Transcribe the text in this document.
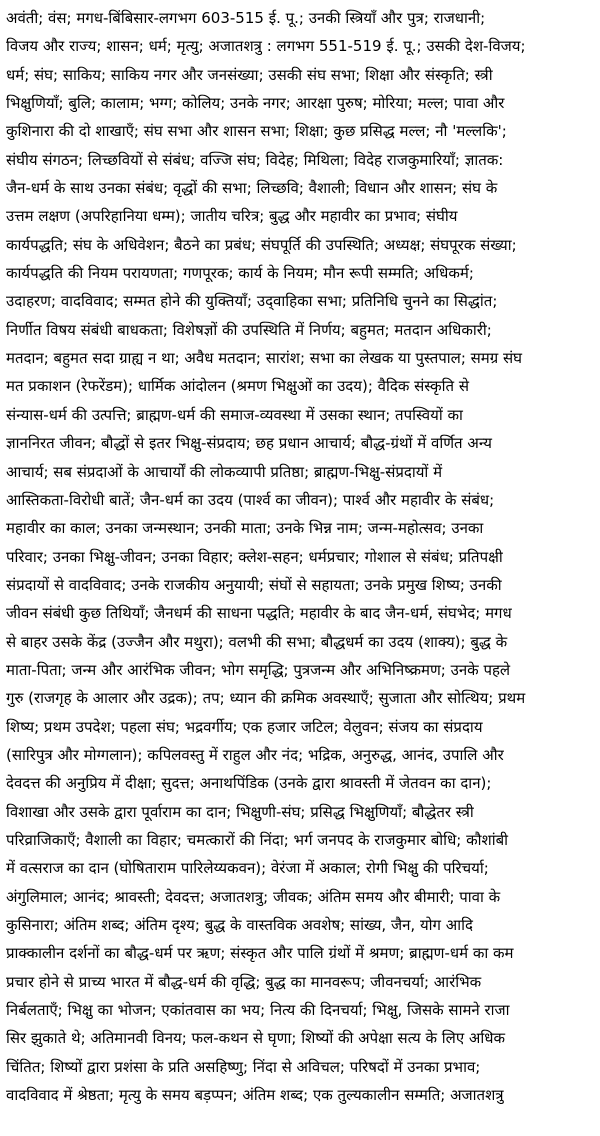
अवंती; वंस; मगध-बिंबिसार-लगभग 603-515 ई. पू.; उनकी स्त्रियाँ और पुत्र; राजधानी;
विजय और राज्य; शासन; धर्म; मृत्यु; अजातशत्रु : लगभग 551-519 ई. पू.; उसकी देश-विजय;
धर्म; संघ; साकिय; साकिय नगर और जनसंख्या; उसकी संघ सभा; शिक्षा और संस्कृति; स्त्री
भिक्षुणियाँ; बुलि; कालाम; भग्ग; कोलिय; उनके नगर; आरक्षा पुरुष; मोरिया; मल्ल; पावा और
कुशिनारा की दो शाखाएँ; संघ सभा और शासन सभा; शिक्षा; कुछ प्रसिद्ध मल्ल; नौ 'मल्लकि';
संघीय संगठन; लिच्छवियों से संबंध; वज्जि संघ; विदेह; मिथिला; विदेह राजकुमारियाँ; ज्ञातक:
जैन-धर्म के साथ उनका संबंध; वृद्धों की सभा; लिच्छवि; वैशाली; विधान और शासन; संघ के
उत्तम लक्षण (अपरिहानिया धम्म); जातीय चरित्र; बुद्ध और महावीर का प्रभाव; संघीय
कार्यपद्धति; संघ के अधिवेशन; बैठने का प्रबंध; संघपूर्ति की उपस्थिति; अध्यक्ष; संघपूरक संख्या;
कार्यपद्धति की नियम परायणता; गणपूरक; कार्य के नियम; मौन रूपी सम्मति; अधिकर्म;
उदाहरण; वादविवाद; सम्मत होने की युक्तियाँ; उद्‌वाहिका सभा; प्रतिनिधि चुनने का सिद्धांत;
निर्णीत विषय संबंधी बाधकता; विशेषज्ञों की उपस्थिति में निर्णय; बहुमत; मतदान अधिकारी;
मतदान; बहुमत सदा ग्राह्य न था; अवैध मतदान; सारांश; सभा का लेखक या पुस्तपाल; समग्र संघ
मत प्रकाशन (रेफरेंडम); धार्मिक आंदोलन (श्रमण भिक्षुओं का उदय); वैदिक संस्कृति से
संन्यास-धर्म की उत्पत्ति; ब्राह्मण-धर्म की समाज-व्यवस्था में उसका स्थान; तपस्वियों का
ज्ञाननिरत जीवन; बौद्धों से इतर भिक्षु-संप्रदाय; छह प्रधान आचार्य; बौद्ध-ग्रंथों में वर्णित अन्य
आचार्य; सब संप्रदाओं के आचार्यों की लोकव्यापी प्रतिष्ठा; ब्राह्मण-भिक्षु-संप्रदायों में
आस्तिकता-विरोधी बातें; जैन-धर्म का उदय (पार्श्व का जीवन); पार्श्व और महावीर के संबंध;
महावीर का काल; उनका जन्मस्थान; उनकी माता; उनके भिन्न नाम; जन्म-महोत्सव; उनका
परिवार; उनका भिक्षु-जीवन; उनका विहार; क्लेश-सहन; धर्मप्रचार; गोशाल से संबंध; प्रतिपक्षी
संप्रदायों से वादविवाद; उनके राजकीय अनुयायी; संघों से सहायता; उनके प्रमुख शिष्य; उनकी
जीवन संबंधी कुछ तिथियाँ; जैनधर्म की साधना पद्धति; महावीर के बाद जैन-धर्म, संघभेद; मगध
से बाहर उसके केंद्र (उज्जैन और मथुरा); वलभी की सभा; बौद्धधर्म का उदय (शाक्य); बुद्ध के
माता-पिता; जन्म और आरंभिक जीवन; भोग समृद्धि; पुत्रजन्म और अभिनिष्क्रमण; उनके पहले
गुरु (राजगृह के आलार और उद्रक); तप; ध्यान की क्रमिक अवस्थाएँ; सुजाता और सोत्थिय; प्रथम
शिष्य; प्रथम उपदेश; पहला संघ; भद्रवर्गीय; एक हजार जटिल; वेलुवन; संजय का संप्रदाय
(सारिपुत्र और मोग्गलान); कपिलवस्तु में राहुल और नंद; भद्रिक, अनुरुद्ध, आनंद, उपालि और
देवदत्त की अनुप्रिय में दीक्षा; सुदत्त; अनाथपिंडिक (उनके द्वारा श्रावस्ती में जेतवन का दान);
विशाखा और उसके द्वारा पूर्वाराम का दान; भिक्षुणी-संघ; प्रसिद्ध भिक्षुणियाँ; बौद्धेतर स्त्री
परिव्राजिकाएँ; वैशाली का विहार; चमत्कारों की निंदा; भर्ग जनपद के राजकुमार बोधि; कौशांबी
में वत्सराज का दान (घोषिताराम पारिलेय्यकवन); वेरंजा में अकाल; रोगी भिक्षु की परिचर्या;
अंगुलिमाल; आनंद; श्रावस्ती; देवदत्त; अजातशत्रु; जीवक; अंतिम समय और बीमारी; पावा के
कुसिनारा; अंतिम शब्द; अंतिम दृश्य; बुद्ध के वास्तविक अवशेष; सांख्य, जैन, योग आदि
प्राक्कालीन दर्शनों का बौद्ध-धर्म पर ऋण; संस्कृत और पालि ग्रंथों में श्रमण; ब्राह्मण-धर्म का कम
प्रचार होने से प्राच्य भारत में बौद्ध-धर्म की वृद्धि; बुद्ध का मानवरूप; जीवनचर्या; आरंभिक
निर्बलताएँ; भिक्षु का भोजन; एकांतवास का भय; नित्य की दिनचर्या; भिक्षु, जिसके सामने राजा
सिर झुकाते थे; अतिमानवी विनय; फल-कथन से घृणा; शिष्यों की अपेक्षा सत्य के लिए अधिक
चिंतित; शिष्यों द्वारा प्रशंसा के प्रति असहिष्णु; निंदा से अविचल; परिषदों में उनका प्रभाव;
वादविवाद में श्रेष्ठता; मृत्यु के समय बड़प्पन; अंतिम शब्द; एक तुल्यकालीन सम्मति; अजातशत्रु
